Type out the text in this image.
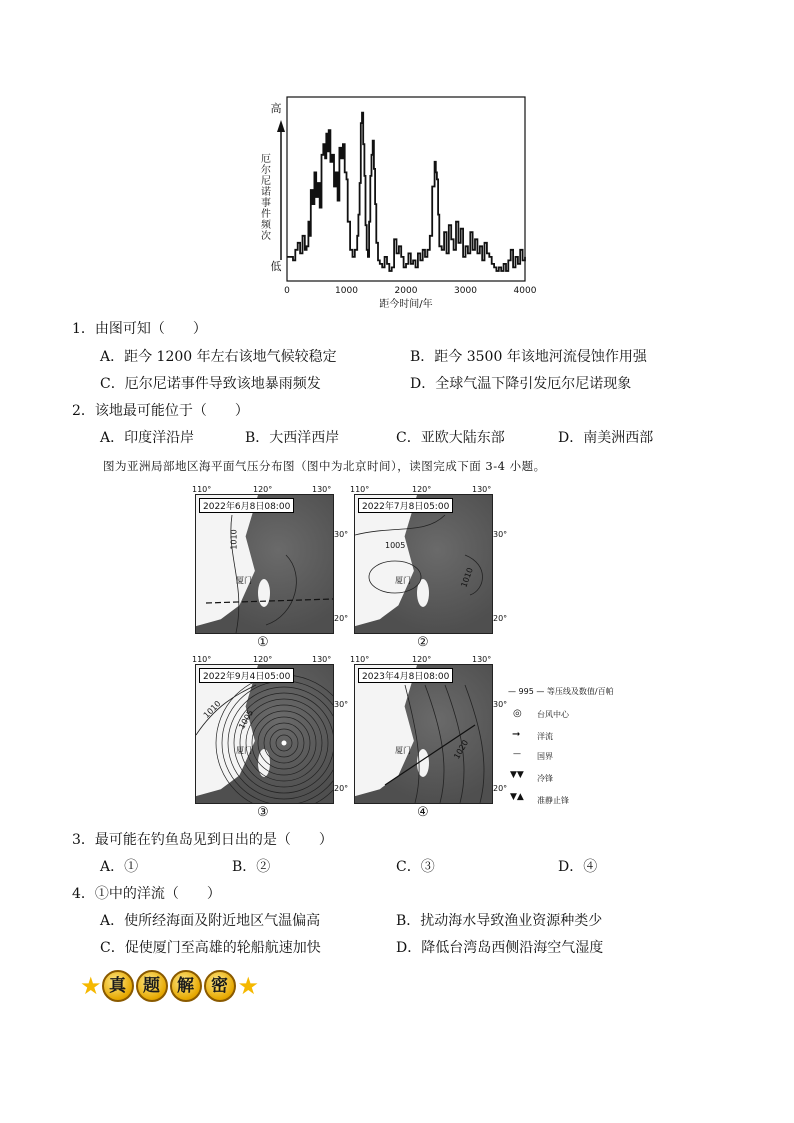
高
低
厄
尔
尼
诺
事
件
频
次
0	1000	2000	3000	4000
距今时间/年
1．由图可知（　　）
A．距今 1200 年左右该地气候较稳定	B．距今 3500 年该地河流侵蚀作用强
C．厄尔尼诺事件导致该地暴雨频发	D．全球气温下降引发厄尔尼诺现象
2．该地最可能位于（　　）
A．印度洋沿岸	B．大西洋西岸	C．亚欧大陆东部	D．南美洲西部
图为亚洲局部地区海平面气压分布图（图中为北京时间），读图完成下面 3-4 小题。
110°	120°	130°
2022年6月8日08:00
1010
厦门
30°
20°
①
110°	120°	130°
2022年7月8日05:00
1005
1010
厦门
30°
20°
②
110°	120°	130°
2022年9月4日05:00
1010 1005
厦门
30°
20°
③
110°	120°	130°
2023年4月8日08:00
1020
厦门
30°
20°
④
— 995 — 等压线及数值/百帕
◎ 台风中心
➞ 洋流
— 国界
▼▼ 冷锋
▼▲ 准静止锋
3．最可能在钓鱼岛见到日出的是（　　）
A．①	B．②	C．③	D．④
4．①中的洋流（　　）
A．使所经海面及附近地区气温偏高	B．扰动海水导致渔业资源种类少
C．促使厦门至高雄的轮船航速加快	D．降低台湾岛西侧沿海空气湿度
★ 真 题 解 密 ★
